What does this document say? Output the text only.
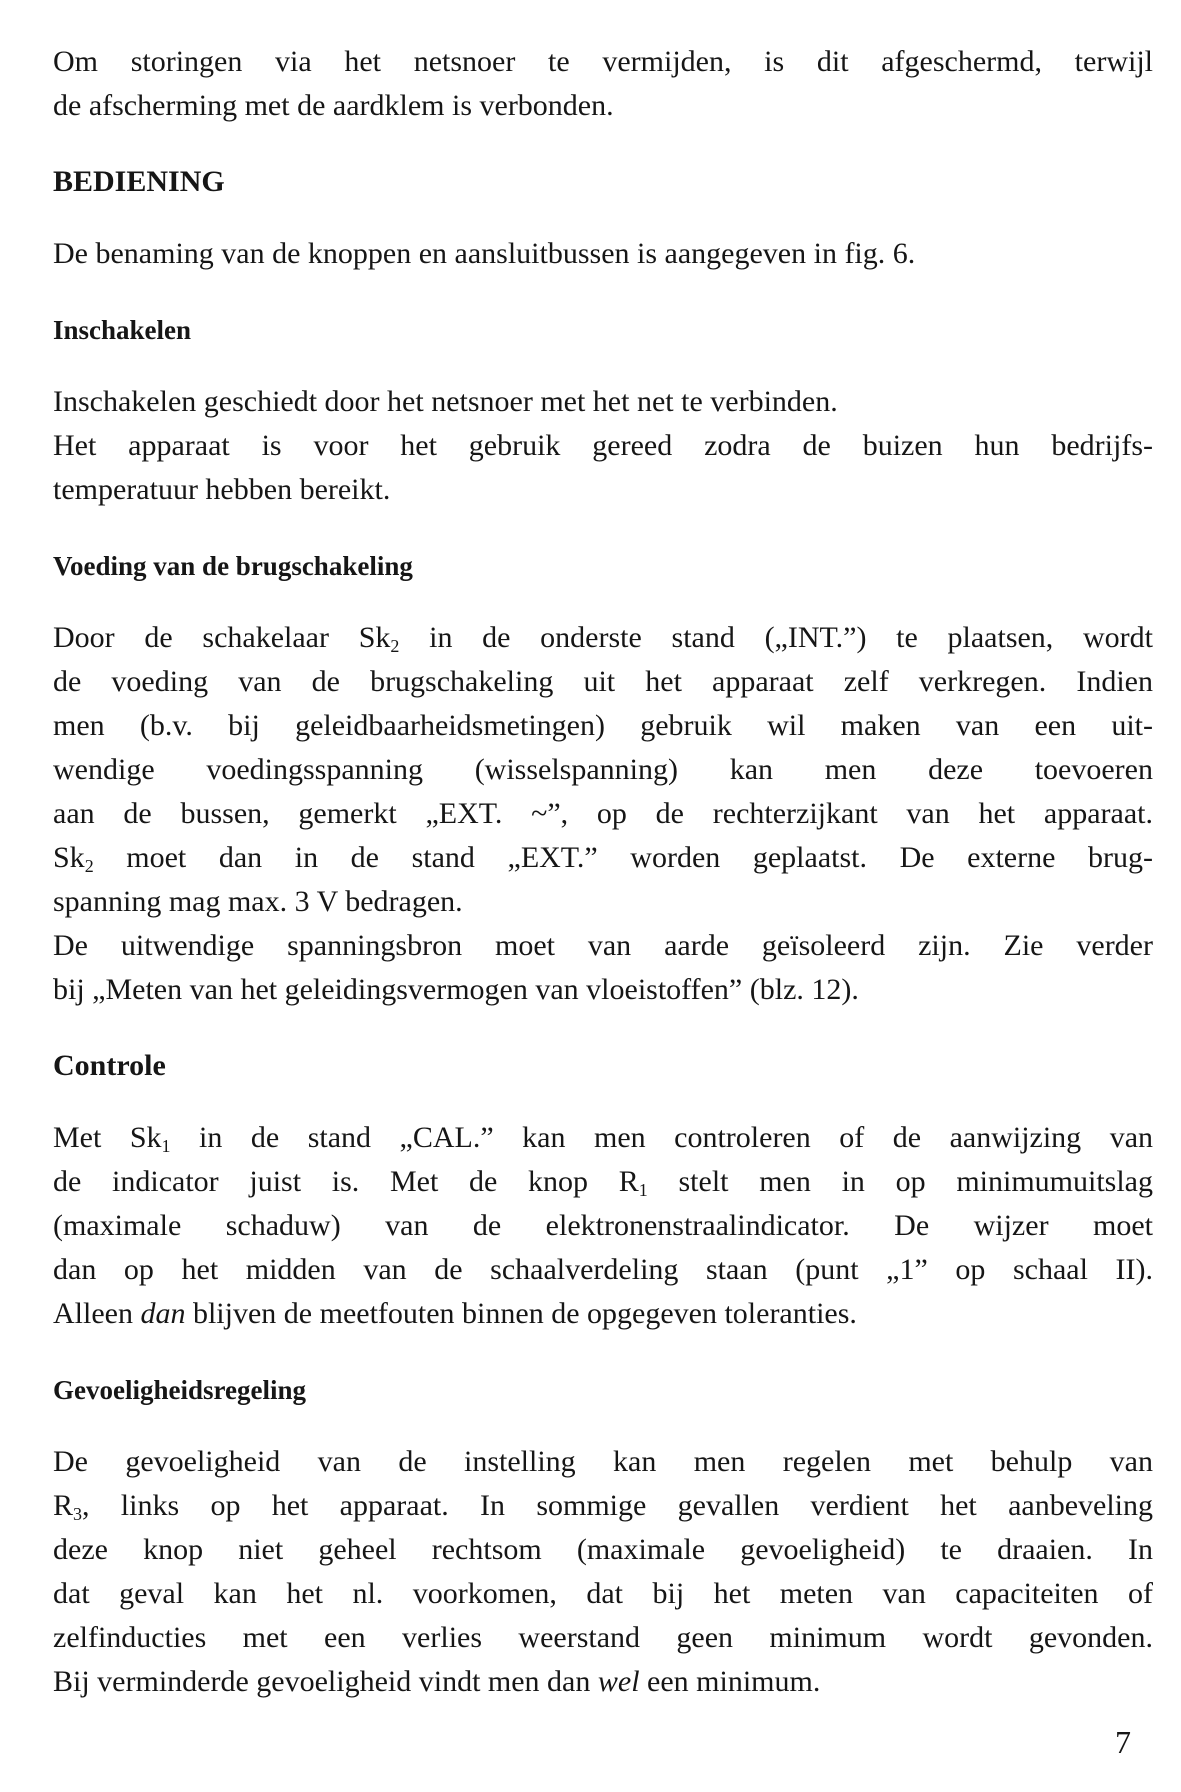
Om storingen via het netsnoer te vermijden, is dit afgeschermd, terwijl
de afscherming met de aardklem is verbonden.

BEDIENING

De benaming van de knoppen en aansluitbussen is aangegeven in fig. 6.

Inschakelen

Inschakelen geschiedt door het netsnoer met het net te verbinden.
Het apparaat is voor het gebruik gereed zodra de buizen hun bedrijfs-
temperatuur hebben bereikt.

Voeding van de brugschakeling

Door de schakelaar $Sk_2$ in de onderste stand („INT.”) te plaatsen, wordt
de voeding van de brugschakeling uit het apparaat zelf verkregen. Indien
men (b.v. bij geleidbaarheidsmetingen) gebruik wil maken van een uit-
wendige voedingsspanning (wisselspanning) kan men deze toevoeren
aan de bussen, gemerkt „EXT. ~”, op de rechterzijkant van het apparaat.
$Sk_2$ moet dan in de stand „EXT.” worden geplaatst. De externe brug-
spanning mag max. 3 V bedragen.
De uitwendige spanningsbron moet van aarde geïsoleerd zijn. Zie verder
bij „Meten van het geleidingsvermogen van vloeistoffen” (blz. 12).

Controle

Met $Sk_1$ in de stand „CAL.” kan men controleren of de aanwijzing van
de indicator juist is. Met de knop $R_1$ stelt men in op minimumuitslag
(maximale schaduw) van de elektronenstraalindicator. De wijzer moet
dan op het midden van de schaalverdeling staan (punt „1” op schaal II).
Alleen dan blijven de meetfouten binnen de opgegeven toleranties.

Gevoeligheidsregeling

De gevoeligheid van de instelling kan men regelen met behulp van
$R_3$, links op het apparaat. In sommige gevallen verdient het aanbeveling
deze knop niet geheel rechtsom (maximale gevoeligheid) te draaien. In
dat geval kan het nl. voorkomen, dat bij het meten van capaciteiten of
zelfinducties met een verlies weerstand geen minimum wordt gevonden.
Bij verminderde gevoeligheid vindt men dan wel een minimum.

7
